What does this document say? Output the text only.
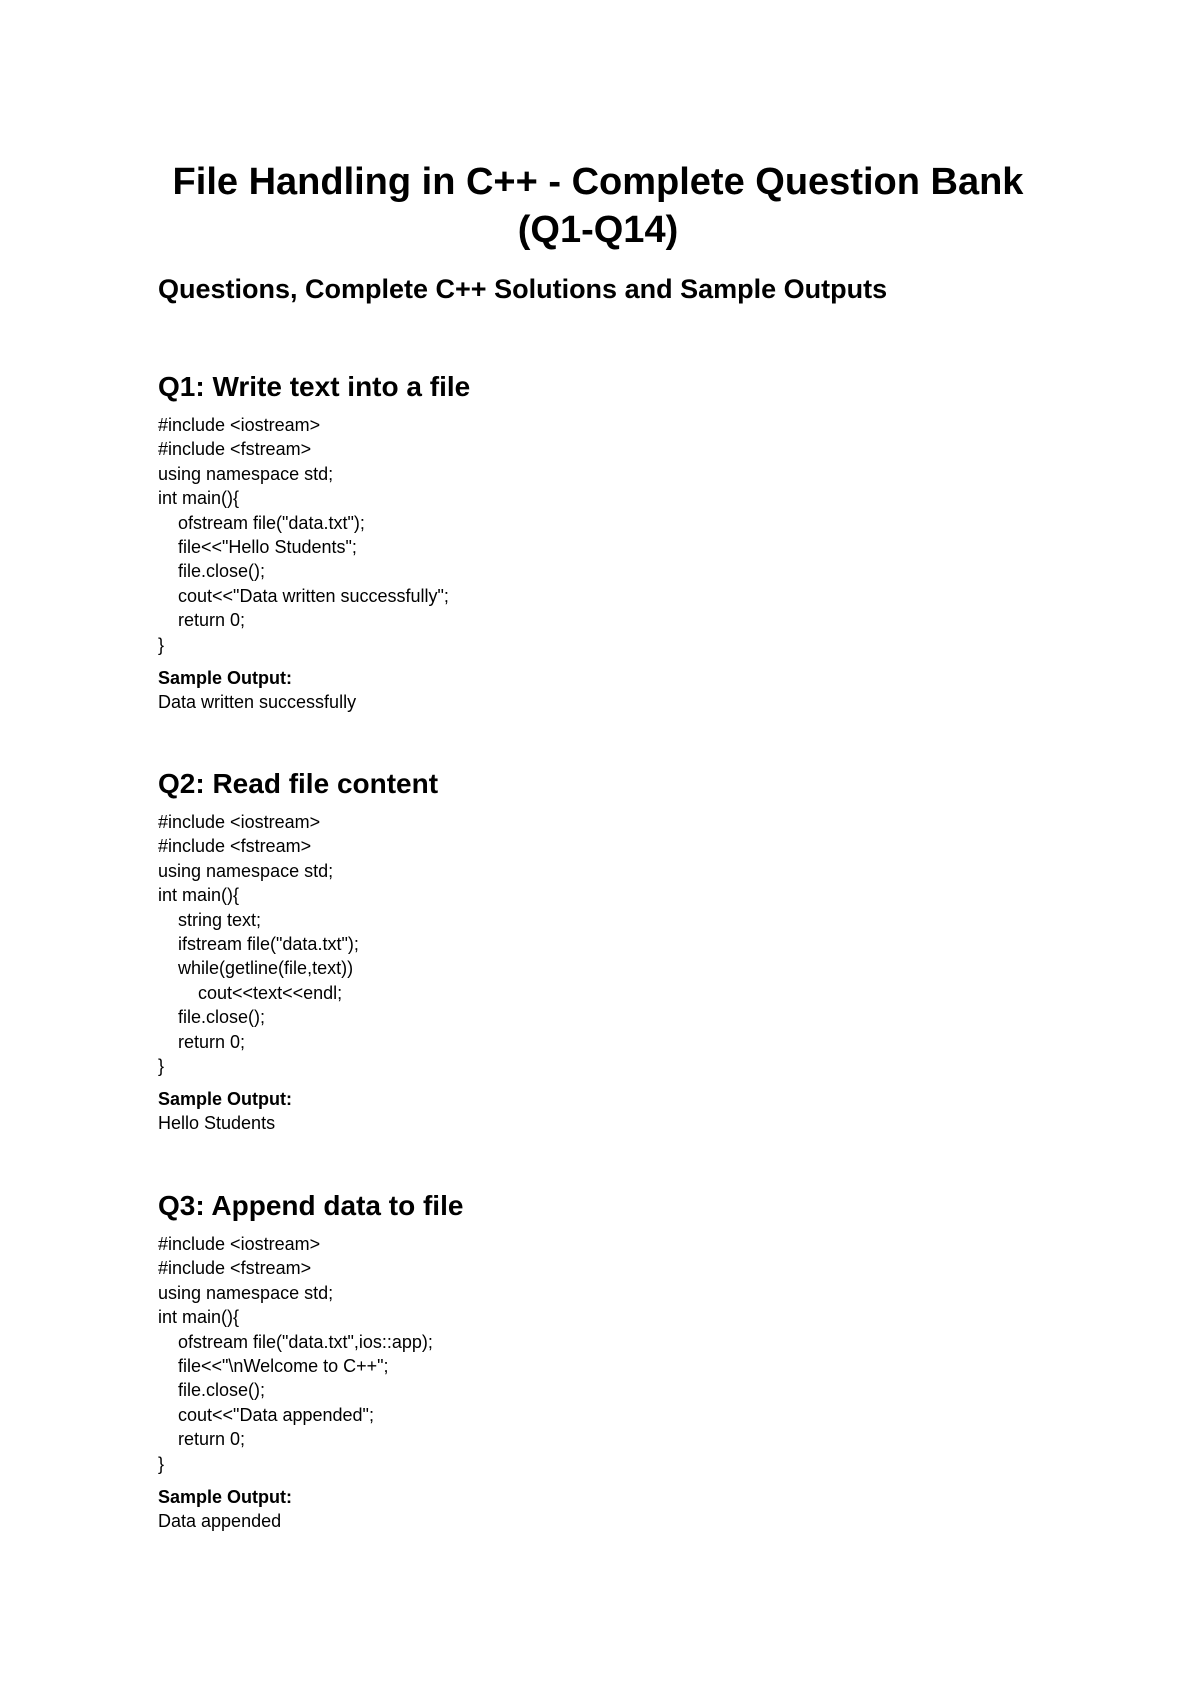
File Handling in C++ - Complete Question Bank
(Q1-Q14)
Questions, Complete C++ Solutions and Sample Outputs
Q1: Write text into a file
#include <iostream>
#include <fstream>
using namespace std;
int main(){
ofstream file("data.txt");
file<<"Hello Students";
file.close();
cout<<"Data written successfully";
return 0;
}

Sample Output:

Data written successfully

Q2: Read file content
#include <iostream>
#include <fstream>
using namespace std;
int main(){
string text;
ifstream file("data.txt");
while(getline(file,text))
cout<<text<<endl;
file.close();
return 0;
}

Sample Output:

Hello Students

Q3: Append data to file
#include <iostream>
#include <fstream>
using namespace std;
int main(){
ofstream file("data.txt",ios::app);
file<<"\nWelcome to C++";
file.close();
cout<<"Data appended";
return 0;
}

Sample Output:

Data appended
